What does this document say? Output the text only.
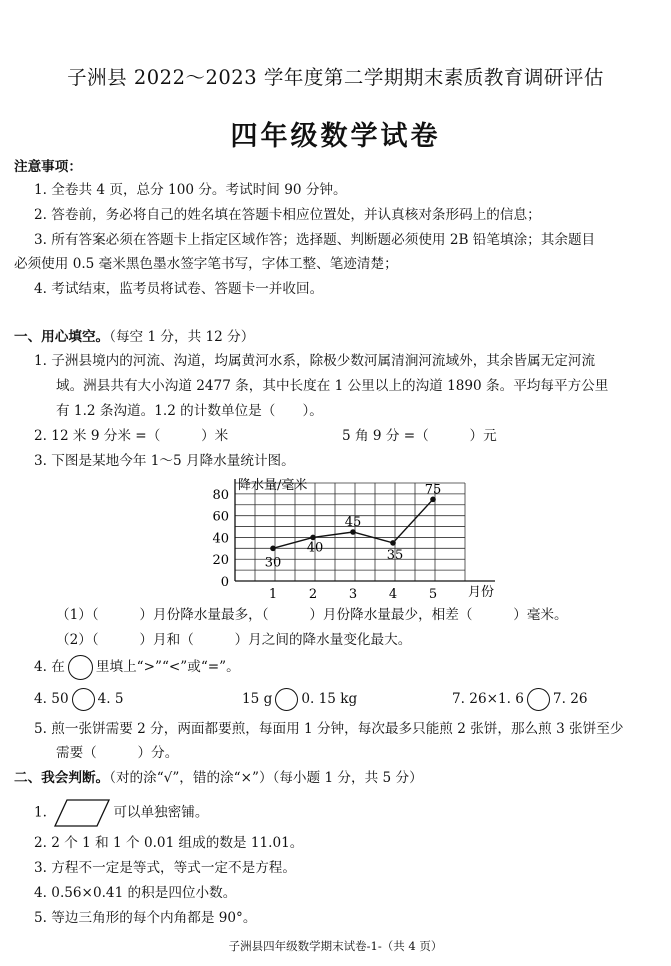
子洲县 2022～2023 学年度第二学期期末素质教育调研评估
四年级数学试卷
注意事项：
1. 全卷共 4 页，总分 100 分。考试时间 90 分钟。
2. 答卷前，务必将自己的姓名填在答题卡相应位置处，并认真核对条形码上的信息；
3. 所有答案必须在答题卡上指定区域作答；选择题、判断题必须使用 2B 铅笔填涂；其余题目
必须使用 0.5 毫米黑色墨水签字笔书写，字体工整、笔迹清楚；
4. 考试结束，监考员将试卷、答题卡一并收回。
一、用心填空。（每空 1 分，共 12 分）
1. 子洲县境内的河流、沟道，均属黄河水系，除极少数河属清涧河流域外，其余皆属无定河流
域。洲县共有大小沟道 2477 条，其中长度在 1 公里以上的沟道 1890 条。平均每平方公里
有 1.2 条沟道。1.2 的计数单位是（　　）。
2. 12 米 9 分米 =（　　　）米	5 角 9 分 =（　　　）元
3. 下图是某地今年 1～5 月降水量统计图。
0
20
40
60
80
1 2 3 4 5
30
40
45
35
75
降水量/毫米
月份
（1）（　　　）月份降水量最多，（　　　）月份降水量最少，相差（　　　）毫米。
（2）（　　　）月和（　　　）月之间的降水量变化最大。
4. 在 里填上“>”“<”或“=”。
4. 50 4. 5	15 g 0. 15 kg	7. 26×1. 6 7. 26
5. 煎一张饼需要 2 分，两面都要煎，每面用 1 分钟，每次最多只能煎 2 张饼，那么煎 3 张饼至少
需要（　　　）分。
二、我会判断。（对的涂“√”，错的涂“×”）（每小题 1 分，共 5 分）
1.	可以单独密铺。
2. 2 个 1 和 1 个 0.01 组成的数是 11.01。
3. 方程不一定是等式，等式一定不是方程。
4. 0.56×0.41 的积是四位小数。
5. 等边三角形的每个内角都是 90°。
子洲县四年级数学期末试卷-1-（共 4 页）
